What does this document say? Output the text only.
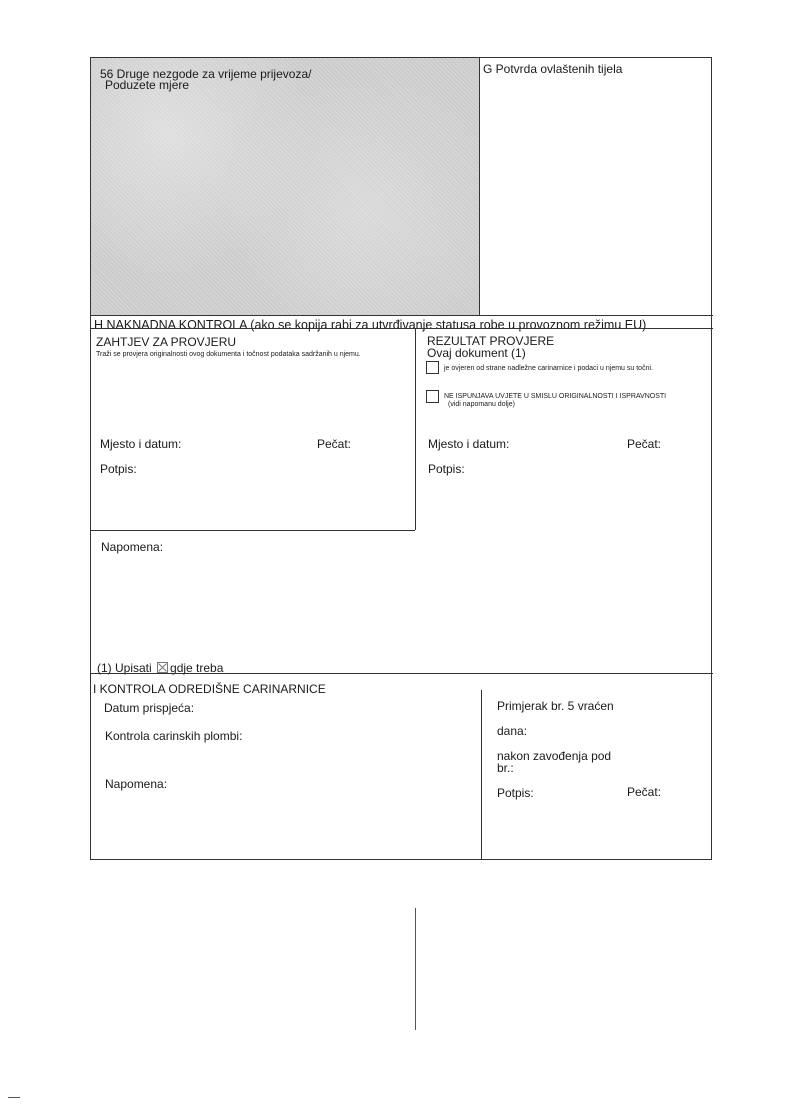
56 Druge nezgode za vrijeme prijevoza/
Poduzete mjere
G Potvrda ovlaštenih tijela
H NAKNADNA KONTROLA (ako se kopija rabi za utvrđivanje statusa robe u provoznom režimu EU)
ZAHTJEV ZA PROVJERU
Traži se provjera originalnosti ovog dokumenta i točnost podataka sadržanih u njemu.
Mjesto i datum:	Pečat:
Potpis:
REZULTAT PROVJERE
Ovaj dokument (1)
je ovjeren od strane nadležne carinarnice i podaci u njemu su točni.
NE ISPUNJAVA UVJETE U SMISLU ORIGINALNOSTI I ISPRAVNOSTI
(vidi napomanu dolje)
Mjesto i datum:	Pečat:
Potpis:
Napomena:
(1) Upisati ☒ gdje treba
I KONTROLA ODREDIŠNE CARINARNICE
Datum prispjeća:
Kontrola carinskih plombi:
Napomena:
Primjerak br. 5 vraćen
dana:
nakon zavođenja pod
br.:
Potpis:	Pečat:
